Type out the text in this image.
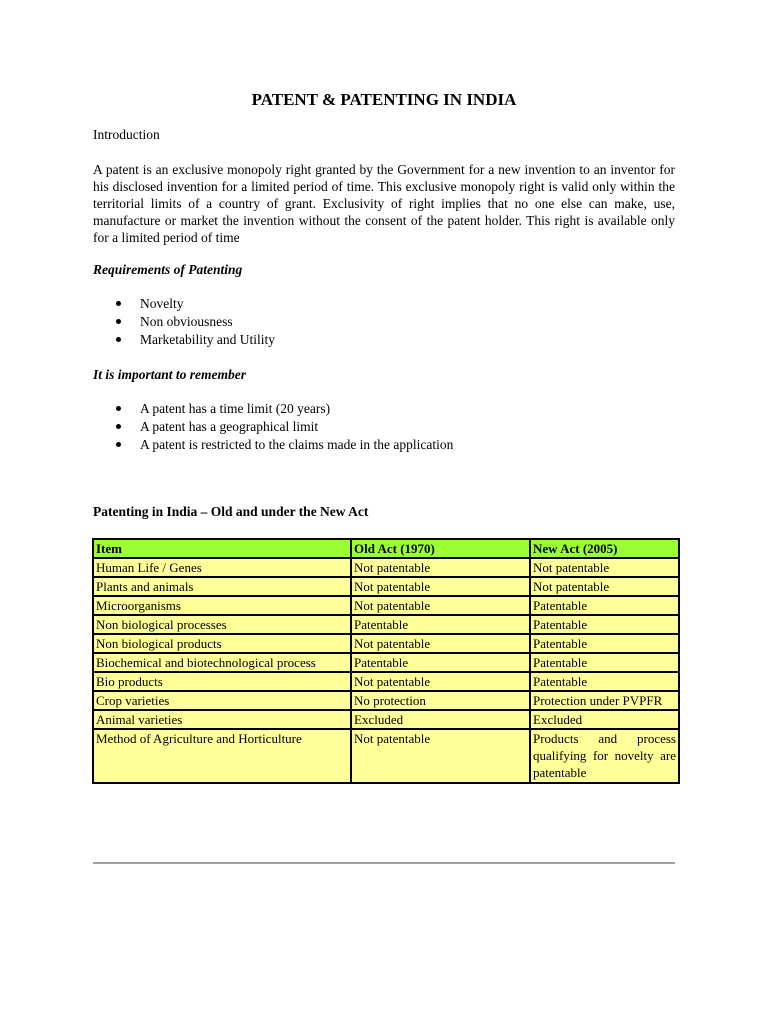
PATENT & PATENTING IN INDIA

Introduction

A patent is an exclusive monopoly right granted by the Government for a new invention to an inventor for his disclosed invention for a limited period of time. This exclusive monopoly right is valid only within the territorial limits of a country of grant. Exclusivity of right implies that no one else can make, use, manufacture or market the invention without the consent of the patent holder. This right is available only for a limited period of time

Requirements of Patenting

Novelty
Non obviousness
Marketability and Utility

It is important to remember

A patent has a time limit (20 years)
A patent has a geographical limit
A patent is restricted to the claims made in the application

Patenting in India – Old and under the New Act

Item	Old Act (1970)	New Act (2005)
Human Life / Genes	Not patentable	Not patentable
Plants and animals	Not patentable	Not patentable
Microorganisms	Not patentable	Patentable
Non biological processes	Patentable	Patentable
Non biological products	Not patentable	Patentable
Biochemical and biotechnological process	Patentable	Patentable
Bio products	Not patentable	Patentable
Crop varieties	No protection	Protection under PVPFR
Animal varieties	Excluded	Excluded
Method of Agriculture and Horticulture	Not patentable	Products and process qualifying for novelty are patentable
